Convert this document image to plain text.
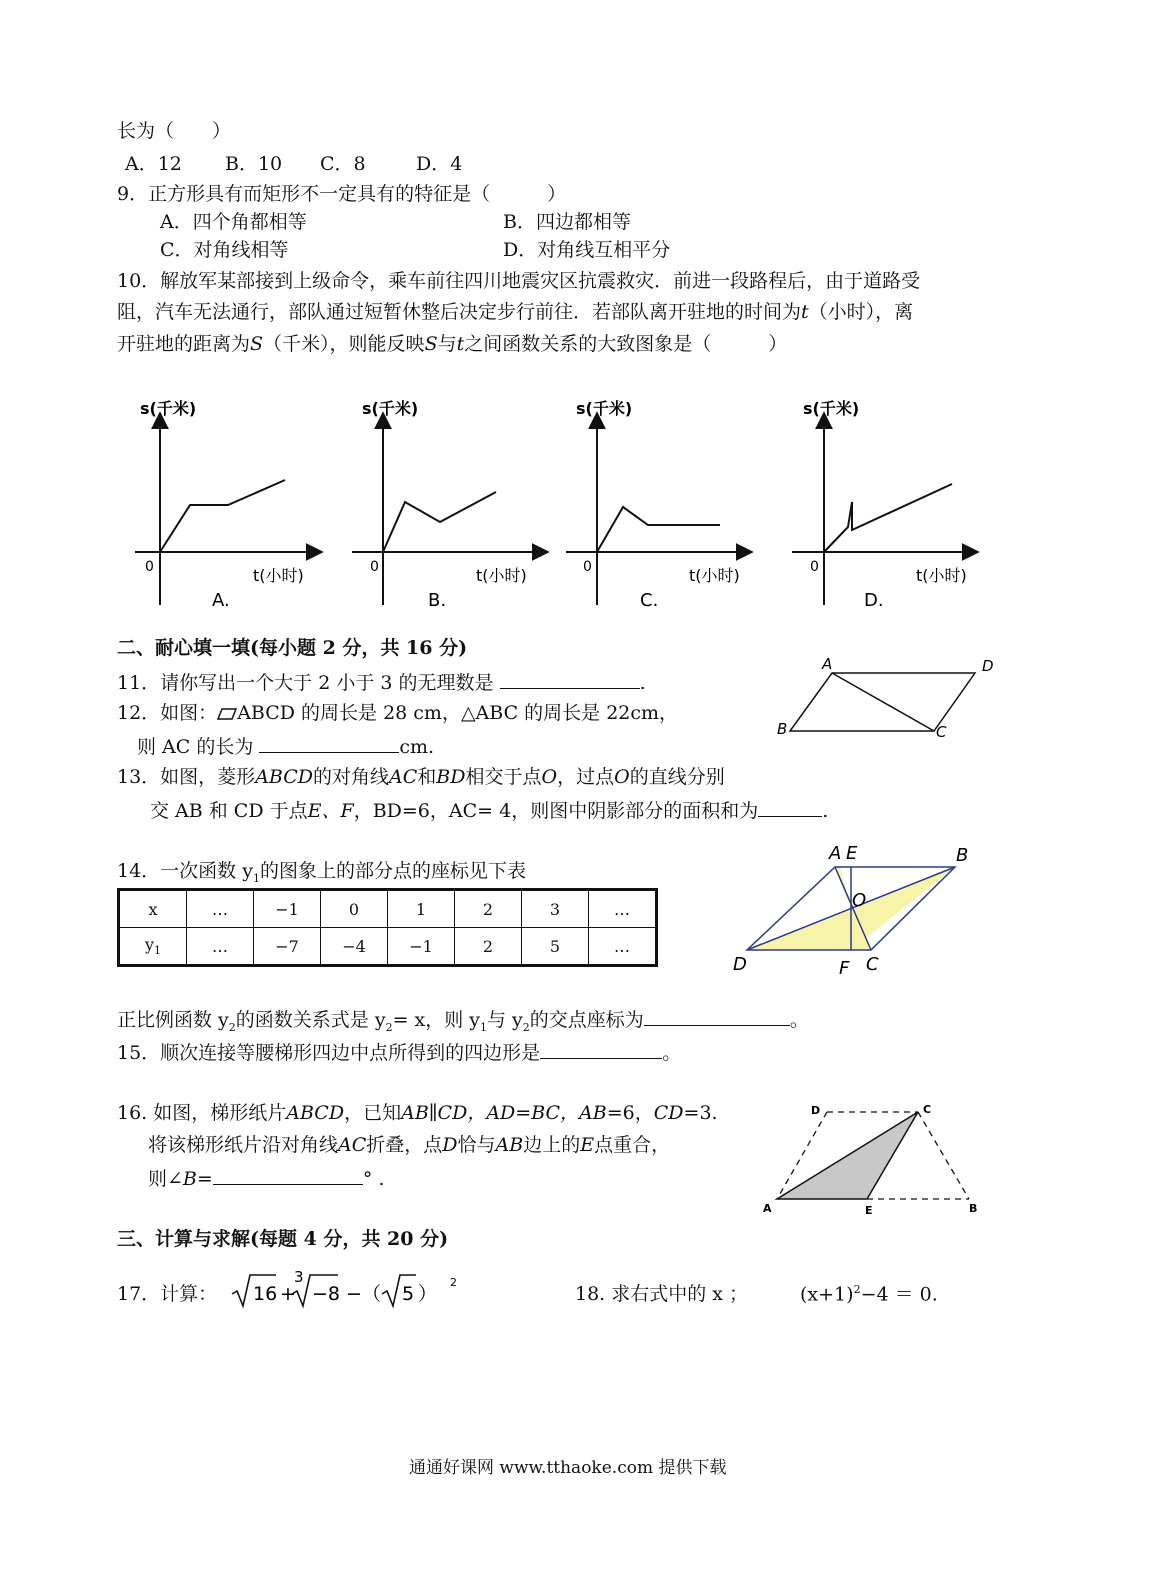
长为（　　）
A．12 B．10 C．8	D．4
9．正方形具有而矩形不一定具有的特征是（　　　）
A．四个角都相等	B．四边都相等
C．对角线相等	D．对角线互相平分
10．解放军某部接到上级命令，乘车前往四川地震灾区抗震救灾．前进一段路程后，由于道路受
阻，汽车无法通行，部队通过短暂休整后决定步行前往．若部队离开驻地的时间为t（小时），离
开驻地的距离为S（千米），则能反映S与t之间函数关系的大致图象是（　　　）
s(千米)
0	t(小时)
A.
s(千米)
0	t(小时)
B.
s(千米)
0	t(小时)
C.
s(千米)
0	t(小时)
D.
二、耐心填一填(每小题 2 分，共 16 分)
11．请你写出一个大于 2 小于 3 的无理数是	.
12．如图： ABCD 的周长是 28 cm，△ABC 的周长是 22cm，
则 AC 的长为	cm.
A	D
B	C
13．如图，菱形ABCD的对角线AC和BD相交于点O，过点O的直线分别
交 AB 和 CD 于点E、F，BD=6，AC= 4，则图中阴影部分的面积和为	.
A E	B
O
D	F C
14．一次函数 $y_1$的图象上的部分点的座标见下表
x	…	−1	0	1	2	3	…
$y_1$	…	−7	−4	−1	2	5	…
正比例函数 $y_2$的函数关系式是 $y_2= x$，则 $y_1$与 $y_2$的交点座标为	。
15．顺次连接等腰梯形四边中点所得到的四边形是	。
16. 如图，梯形纸片ABCD，已知AB∥CD，AD=BC，AB=6，CD=3.
将该梯形纸片沿对角线AC折叠，点D恰与AB边上的E点重合，
则∠B=	° .
D	C
A	E	B
三、计算与求解(每题 4 分，共 20 分)
17．计算： 16 +
3
−8 − （ 5 ）
2
18. 求右式中的 x ；	$(x+1)^2-4 = 0$.
通通好课网 www.tthaoke.com 提供下载
